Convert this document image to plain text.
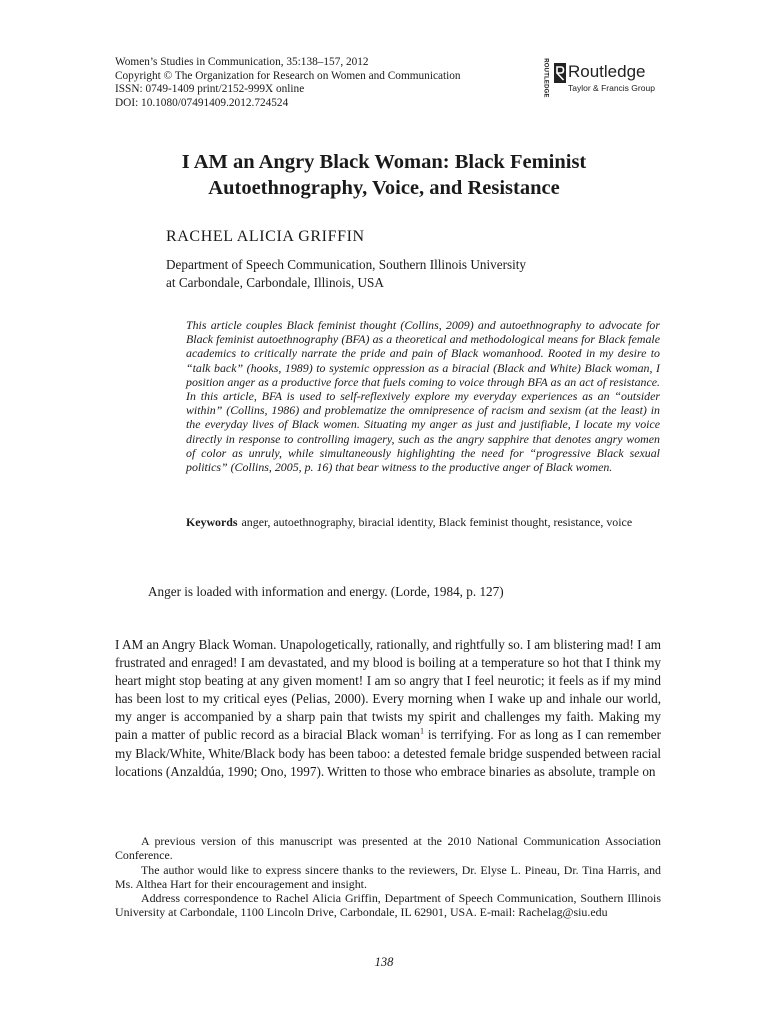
Women’s Studies in Communication, 35:138–157, 2012
Copyright © The Organization for Research on Women and Communication
ISSN: 0749-1409 print/2152-999X online
DOI: 10.1080/07491409.2012.724524
ROUTLEDGE Routledge
Taylor & Francis Group
I AM an Angry Black Woman: Black Feminist
Autoethnography, Voice, and Resistance
RACHEL ALICIA GRIFFIN
Department of Speech Communication, Southern Illinois University
at Carbondale, Carbondale, Illinois, USA
This article couples Black feminist thought (Collins, 2009) and autoethnography to advocate for Black feminist autoethnography (BFA) as a theoretical and methodological means for Black female academics to critically narrate the pride and pain of Black womanhood. Rooted in my desire to “talk back” (hooks, 1989) to systemic oppression as a biracial (Black and White) Black woman, I position anger as a productive force that fuels coming to voice through BFA as an act of resistance. In this article, BFA is used to self-reflexively explore my everyday experiences as an “outsider within” (Collins, 1986) and problematize the omnipresence of racism and sexism (at the least) in the everyday lives of Black women. Situating my anger as just and justifiable, I locate my voice directly in response to controlling imagery, such as the angry sapphire that denotes angry women of color as unruly, while simultaneously highlighting the need for “progressive Black sexual politics” (Collins, 2005, p. 16) that bear witness to the productive anger of Black women.
Keywords anger, autoethnography, biracial identity, Black feminist thought, resistance, voice
Anger is loaded with information and energy. (Lorde, 1984, p. 127)
I AM an Angry Black Woman. Unapologetically, rationally, and rightfully so. I am blistering mad! I am frustrated and enraged! I am devastated, and my blood is boiling at a temperature so hot that I think my heart might stop beating at any given moment! I am so angry that I feel neurotic; it feels as if my mind has been lost to my critical eyes (Pelias, 2000). Every morning when I wake up and inhale our world, my anger is accompanied by a sharp pain that twists my spirit and challenges my faith. Making my pain a matter of public record as a biracial Black woman$^1$ is terrifying. For as long as I can remember my Black/White, White/Black body has been taboo: a detested female bridge suspended between racial locations (Anzaldúa, 1990; Ono, 1997). Written to those who embrace binaries as absolute, trample on

A previous version of this manuscript was presented at the 2010 National Communication Association Conference.

The author would like to express sincere thanks to the reviewers, Dr. Elyse L. Pineau, Dr. Tina Harris, and Ms. Althea Hart for their encouragement and insight.

Address correspondence to Rachel Alicia Griffin, Department of Speech Communication, Southern Illinois University at Carbondale, 1100 Lincoln Drive, Carbondale, IL 62901, USA. E-mail: Rachelag@siu.edu

138
